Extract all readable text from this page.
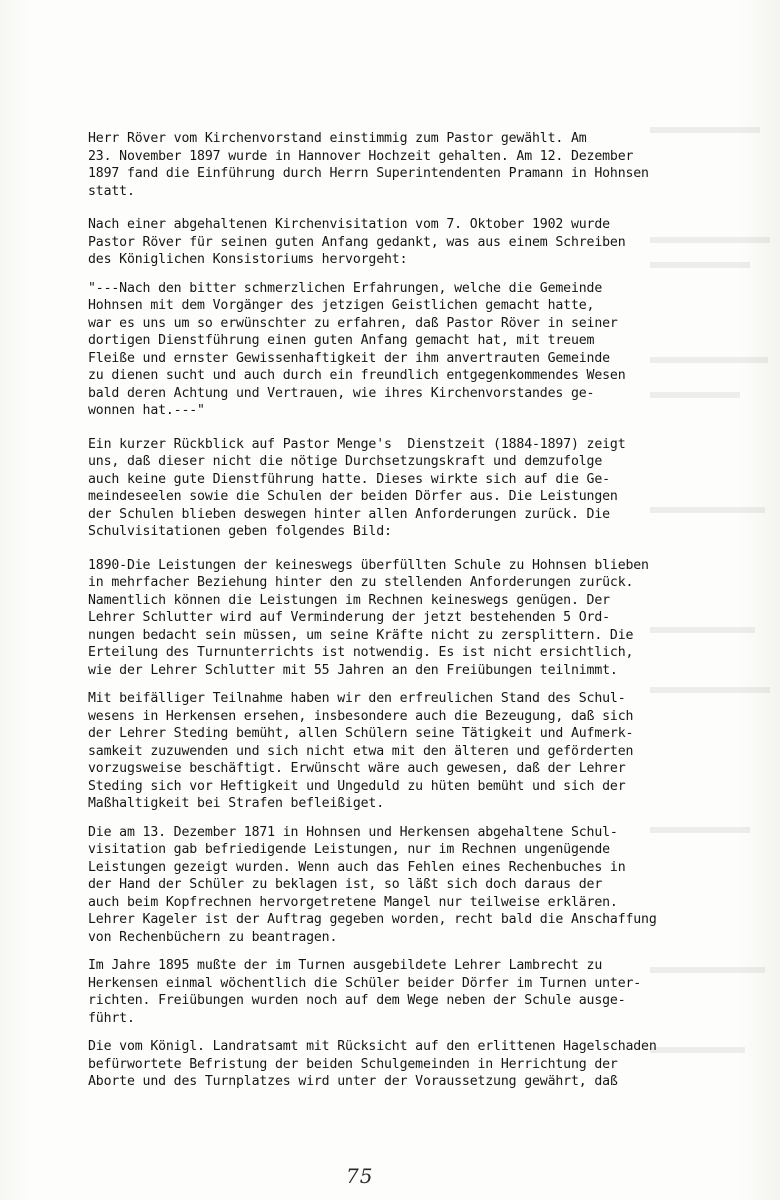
Herr Röver vom Kirchenvorstand einstimmig zum Pastor gewählt. Am
23. November 1897 wurde in Hannover Hochzeit gehalten. Am 12. Dezember
1897 fand die Einführung durch Herrn Superintendenten Pramann in Hohnsen
statt.
Nach einer abgehaltenen Kirchenvisitation vom 7. Oktober 1902 wurde
Pastor Röver für seinen guten Anfang gedankt, was aus einem Schreiben
des Königlichen Konsistoriums hervorgeht:
"---Nach den bitter schmerzlichen Erfahrungen, welche die Gemeinde
Hohnsen mit dem Vorgänger des jetzigen Geistlichen gemacht hatte,
war es uns um so erwünschter zu erfahren, daß Pastor Röver in seiner
dortigen Dienstführung einen guten Anfang gemacht hat, mit treuem
Fleiße und ernster Gewissenhaftigkeit der ihm anvertrauten Gemeinde
zu dienen sucht und auch durch ein freundlich entgegenkommendes Wesen
bald deren Achtung und Vertrauen, wie ihres Kirchenvorstandes ge-
wonnen hat.---"
Ein kurzer Rückblick auf Pastor Menge's  Dienstzeit (1884-1897) zeigt
uns, daß dieser nicht die nötige Durchsetzungskraft und demzufolge
auch keine gute Dienstführung hatte. Dieses wirkte sich auf die Ge-
meindeseelen sowie die Schulen der beiden Dörfer aus. Die Leistungen
der Schulen blieben deswegen hinter allen Anforderungen zurück. Die
Schulvisitationen geben folgendes Bild:
1890-Die Leistungen der keineswegs überfüllten Schule zu Hohnsen blieben
in mehrfacher Beziehung hinter den zu stellenden Anforderungen zurück.
Namentlich können die Leistungen im Rechnen keineswegs genügen. Der
Lehrer Schlutter wird auf Verminderung der jetzt bestehenden 5 Ord-
nungen bedacht sein müssen, um seine Kräfte nicht zu zersplittern. Die
Erteilung des Turnunterrichts ist notwendig. Es ist nicht ersichtlich,
wie der Lehrer Schlutter mit 55 Jahren an den Freiübungen teilnimmt.
Mit beifälliger Teilnahme haben wir den erfreulichen Stand des Schul-
wesens in Herkensen ersehen, insbesondere auch die Bezeugung, daß sich
der Lehrer Steding bemüht, allen Schülern seine Tätigkeit und Aufmerk-
samkeit zuzuwenden und sich nicht etwa mit den älteren und geförderten
vorzugsweise beschäftigt. Erwünscht wäre auch gewesen, daß der Lehrer
Steding sich vor Heftigkeit und Ungeduld zu hüten bemüht und sich der
Maßhaltigkeit bei Strafen befleißiget.
Die am 13. Dezember 1871 in Hohnsen und Herkensen abgehaltene Schul-
visitation gab befriedigende Leistungen, nur im Rechnen ungenügende
Leistungen gezeigt wurden. Wenn auch das Fehlen eines Rechenbuches in
der Hand der Schüler zu beklagen ist, so läßt sich doch daraus der
auch beim Kopfrechnen hervorgetretene Mangel nur teilweise erklären.
Lehrer Kageler ist der Auftrag gegeben worden, recht bald die Anschaffung
von Rechenbüchern zu beantragen.
Im Jahre 1895 mußte der im Turnen ausgebildete Lehrer Lambrecht zu
Herkensen einmal wöchentlich die Schüler beider Dörfer im Turnen unter-
richten. Freiübungen wurden noch auf dem Wege neben der Schule ausge-
führt.
Die vom Königl. Landratsamt mit Rücksicht auf den erlittenen Hagelschaden
befürwortete Befristung der beiden Schulgemeinden in Herrichtung der
Aborte und des Turnplatzes wird unter der Voraussetzung gewährt, daß
75
